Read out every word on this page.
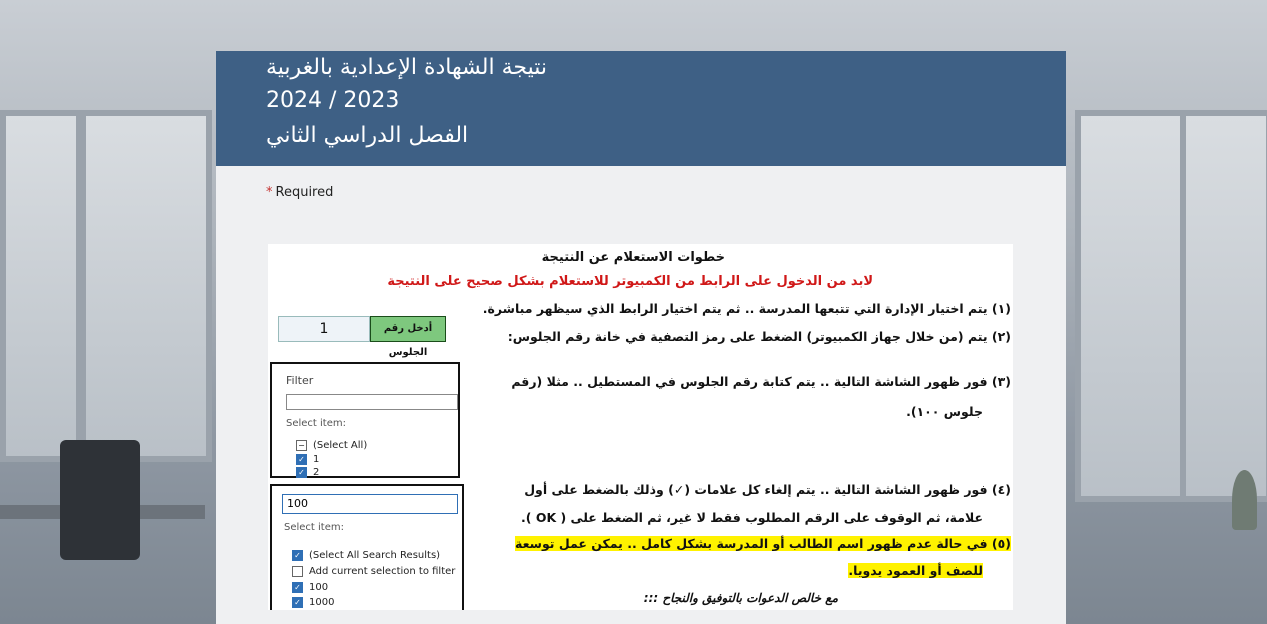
نتيجة الشهادة الإعدادية بالغربية
2024 / 2023
الفصل الدراسي الثاني
* Required
خطوات الاستعلام عن النتيجة
لابد من الدخول على الرابط من الكمبيوتر للاستعلام بشكل صحيح على النتيجة
(١) يتم اختيار الإدارة التي تتبعها المدرسة .. ثم يتم اختيار الرابط الذي سيظهر مباشرة.
(٢) يتم (من خلال جهاز الكمبيوتر) الضغط على رمز التصفية في خانة رقم الجلوس:
(٣) فور ظهور الشاشة التالية .. يتم كتابة رقم الجلوس في المستطيل .. مثلا (رقم
جلوس ١٠٠).
(٤) فور ظهور الشاشة التالية .. يتم إلغاء كل علامات (✓) وذلك بالضغط على أول
علامة، ثم الوقوف على الرقم المطلوب فقط لا غير، ثم الضغط على ( OK ).
(٥) في حالة عدم ظهور اسم الطالب أو المدرسة بشكل كامل .. يمكن عمل توسعة
للصف أو العمود يدويا.
مع خالص الدعوات بالتوفيق والنجاح :::
1	أدخل رقم الجلوس
Filter
Select item:
− (Select All)
✓ 1
✓ 2
100
Select item:
✓ (Select All Search Results)
Add current selection to filter
✓ 100
✓ 1000
